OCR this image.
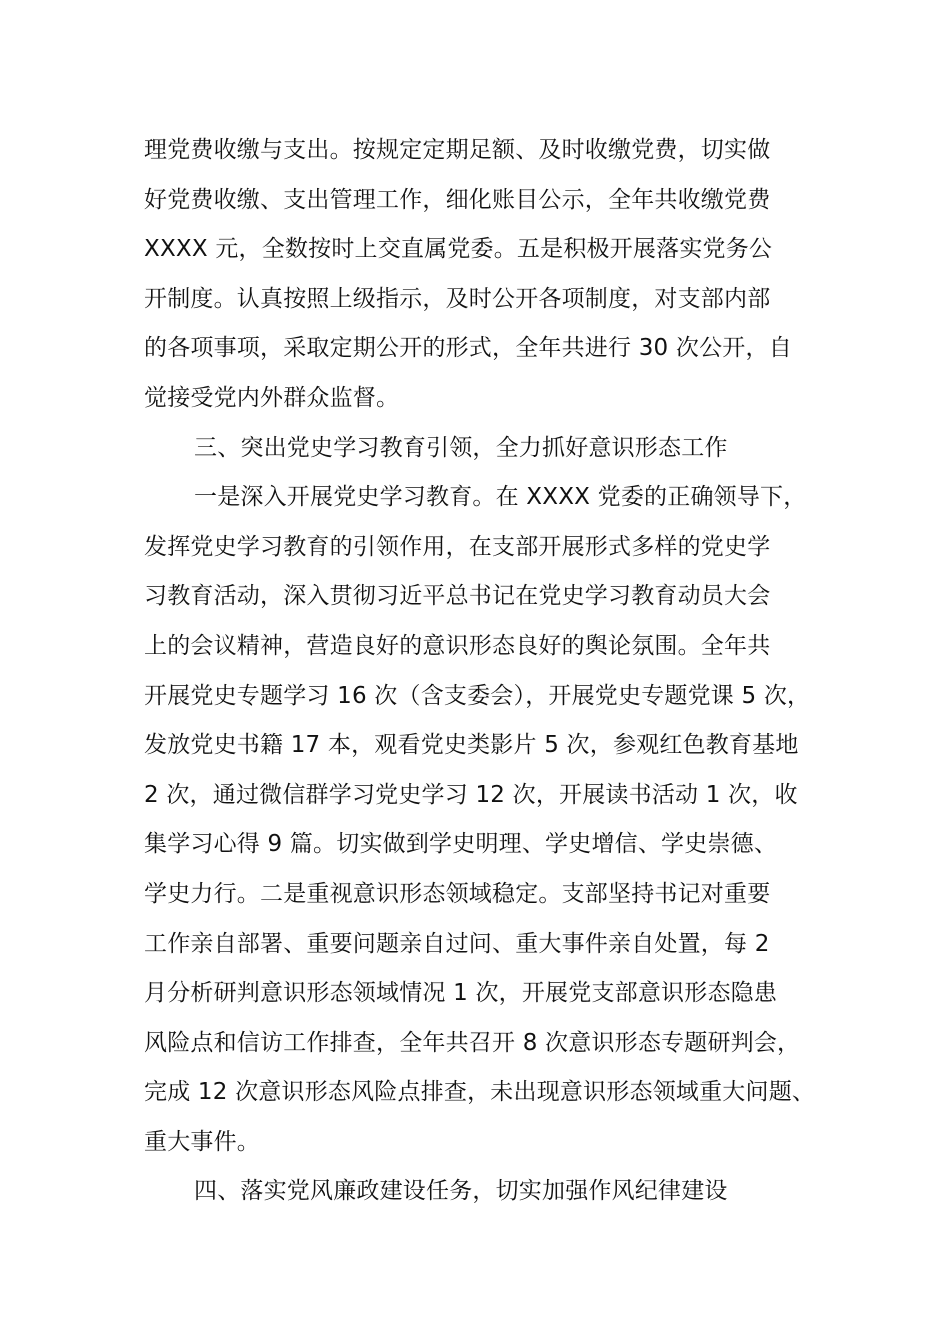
理党费收缴与支出。按规定定期足额、及时收缴党费，切实做
好党费收缴、支出管理工作，细化账目公示，全年共收缴党费
XXXX 元，全数按时上交直属党委。五是积极开展落实党务公
开制度。认真按照上级指示，及时公开各项制度，对支部内部
的各项事项，采取定期公开的形式，全年共进行 30 次公开，自
觉接受党内外群众监督。
三、突出党史学习教育引领，全力抓好意识形态工作
一是深入开展党史学习教育。在 XXXX 党委的正确领导下，
发挥党史学习教育的引领作用，在支部开展形式多样的党史学
习教育活动，深入贯彻习近平总书记在党史学习教育动员大会
上的会议精神，营造良好的意识形态良好的舆论氛围。全年共
开展党史专题学习 16 次（含支委会），开展党史专题党课 5 次，
发放党史书籍 17 本，观看党史类影片 5 次，参观红色教育基地
2 次，通过微信群学习党史学习 12 次，开展读书活动 1 次，收
集学习心得 9 篇。切实做到学史明理、学史增信、学史崇德、
学史力行。二是重视意识形态领域稳定。支部坚持书记对重要
工作亲自部署、重要问题亲自过问、重大事件亲自处置，每 2
月分析研判意识形态领域情况 1 次，开展党支部意识形态隐患
风险点和信访工作排查，全年共召开 8 次意识形态专题研判会，
完成 12 次意识形态风险点排查，未出现意识形态领域重大问题、
重大事件。
四、落实党风廉政建设任务，切实加强作风纪律建设
